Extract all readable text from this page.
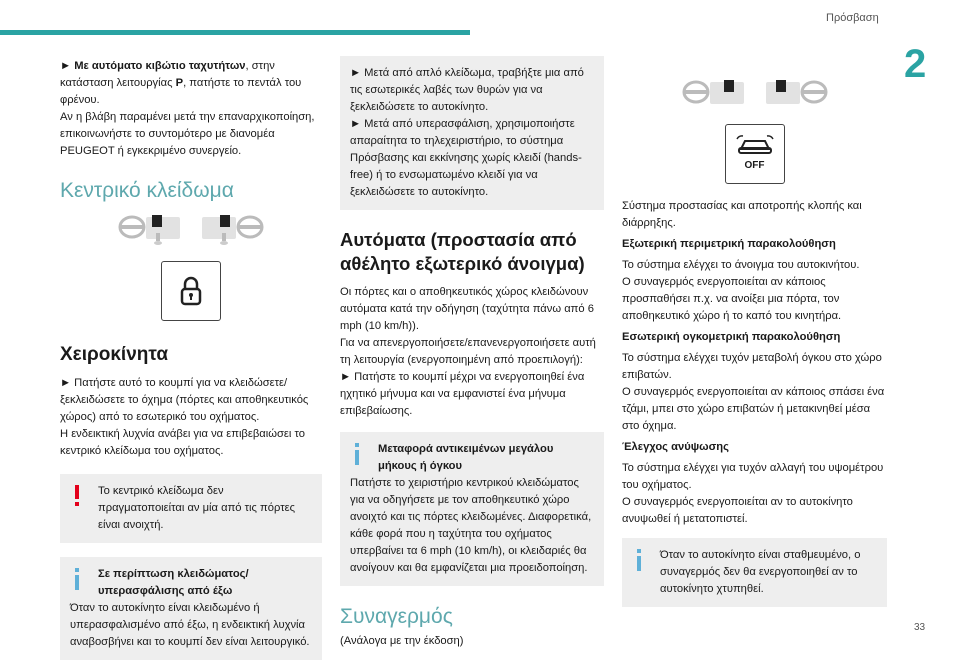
Πρόσβαση
2
33

► Με αυτόματο κιβώτιο ταχυτήτων, στην κατάσταση λειτουργίας P, πατήστε το πεντάλ του φρένου.

Αν η βλάβη παραμένει μετά την επαναρχικοποίηση, επικοινωνήστε το συντομότερο με διανομέα PEUGEOT ή εγκεκριμένο συνεργείο.

Κεντρικό κλείδωμα

Χειροκίνητα

► Πατήστε αυτό το κουμπί για να κλειδώσετε/ ξεκλειδώσετε το όχημα (πόρτες και αποθηκευτικός χώρος) από το εσωτερικό του οχήματος.

Η ενδεικτική λυχνία ανάβει για να επιβεβαιώσει το κεντρικό κλείδωμα του οχήματος.

Το κεντρικό κλείδωμα δεν πραγματοποιείται αν μία από τις πόρτες είναι ανοιχτή.

Σε περίπτωση κλειδώματος/ υπερασφάλισης από έξω

Όταν το αυτοκίνητο είναι κλειδωμένο ή υπερασφαλισμένο από έξω, η ενδεικτική λυχνία αναβοσβήνει και το κουμπί δεν είναι λειτουργικό.

► Μετά από απλό κλείδωμα, τραβήξτε μια από τις εσωτερικές λαβές των θυρών για να ξεκλειδώσετε το αυτοκίνητο.

► Μετά από υπερασφάλιση, χρησιμοποιήστε απαραίτητα το τηλεχειριστήριο, το σύστημα Πρόσβασης και εκκίνησης χωρίς κλειδί (hands-free) ή το ενσωματωμένο κλειδί για να ξεκλειδώσετε το αυτοκίνητο.

Αυτόματα (προστασία από αθέλητο εξωτερικό άνοιγμα)

Οι πόρτες και ο αποθηκευτικός χώρος κλειδώνουν αυτόματα κατά την οδήγηση (ταχύτητα πάνω από 6 mph (10 km/h)).

Για να απενεργοποιήσετε/επανενεργοποιήσετε αυτή τη λειτουργία (ενεργοποιημένη από προεπιλογή):

► Πατήστε το κουμπί μέχρι να ενεργοποιηθεί ένα ηχητικό μήνυμα και να εμφανιστεί ένα μήνυμα επιβεβαίωσης.

Μεταφορά αντικειμένων μεγάλου μήκους ή όγκου

Πατήστε το χειριστήριο κεντρικού κλειδώματος για να οδηγήσετε με τον αποθηκευτικό χώρο ανοιχτό και τις πόρτες κλειδωμένες. Διαφορετικά, κάθε φορά που η ταχύτητα του οχήματος υπερβαίνει τα 6 mph (10 km/h), οι κλειδαριές θα ανοίγουν και θα εμφανίζεται μια προειδοποίηση.

Συναγερμός

(Ανάλογα με την έκδοση)

OFF

Σύστημα προστασίας και αποτροπής κλοπής και διάρρηξης.

Εξωτερική περιμετρική παρακολούθηση

Το σύστημα ελέγχει το άνοιγμα του αυτοκινήτου.

Ο συναγερμός ενεργοποιείται αν κάποιος προσπαθήσει π.χ. να ανοίξει μια πόρτα, τον αποθηκευτικό χώρο ή το καπό του κινητήρα.

Εσωτερική ογκομετρική παρακολούθηση

Το σύστημα ελέγχει τυχόν μεταβολή όγκου στο χώρο επιβατών.

Ο συναγερμός ενεργοποιείται αν κάποιος σπάσει ένα τζάμι, μπει στο χώρο επιβατών ή μετακινηθεί μέσα στο όχημα.

Έλεγχος ανύψωσης

Το σύστημα ελέγχει για τυχόν αλλαγή του υψομέτρου του οχήματος.

Ο συναγερμός ενεργοποιείται αν το αυτοκίνητο ανυψωθεί ή μετατοπιστεί.

Όταν το αυτοκίνητο είναι σταθμευμένο, ο συναγερμός δεν θα ενεργοποιηθεί αν το αυτοκίνητο χτυπηθεί.
